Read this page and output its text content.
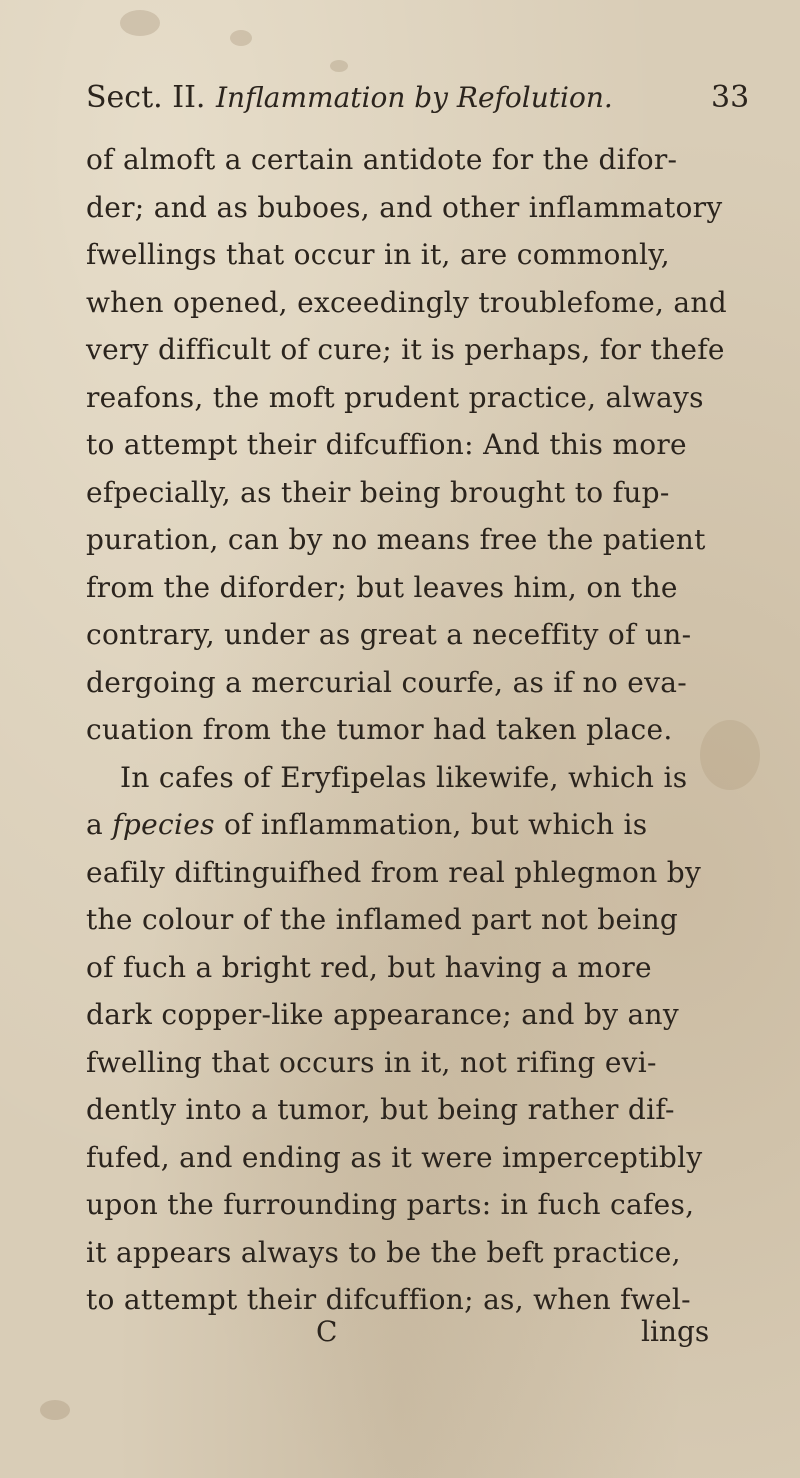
Sect. II. Inflammation by Refolution.	33
of almoft a certain antidote for the difor-
der; and as buboes, and other inflammatory
fwellings that occur in it, are commonly,
when opened, exceedingly troublefome, and
very difficult of cure; it is perhaps, for thefe
reafons, the moft prudent practice, always
to attempt their difcuffion: And this more
efpecially, as their being brought to fup-
puration, can by no means free the patient
from the diforder; but leaves him, on the
contrary, under as great a neceffity of un-
dergoing a mercurial courfe, as if no eva-
cuation from the tumor had taken place.
In cafes of Eryfipelas likewife, which is
a fpecies of inflammation, but which is
eafily diftinguifhed from real phlegmon by
the colour of the inflamed part not being
of fuch a bright red, but having a more
dark copper-like appearance; and by any
fwelling that occurs in it, not rifing evi-
dently into a tumor, but being rather dif-
fufed, and ending as it were imperceptibly
upon the furrounding parts: in fuch cafes,
it appears always to be the beft practice,
to attempt their difcuffion; as, when fwel-
C	lings
